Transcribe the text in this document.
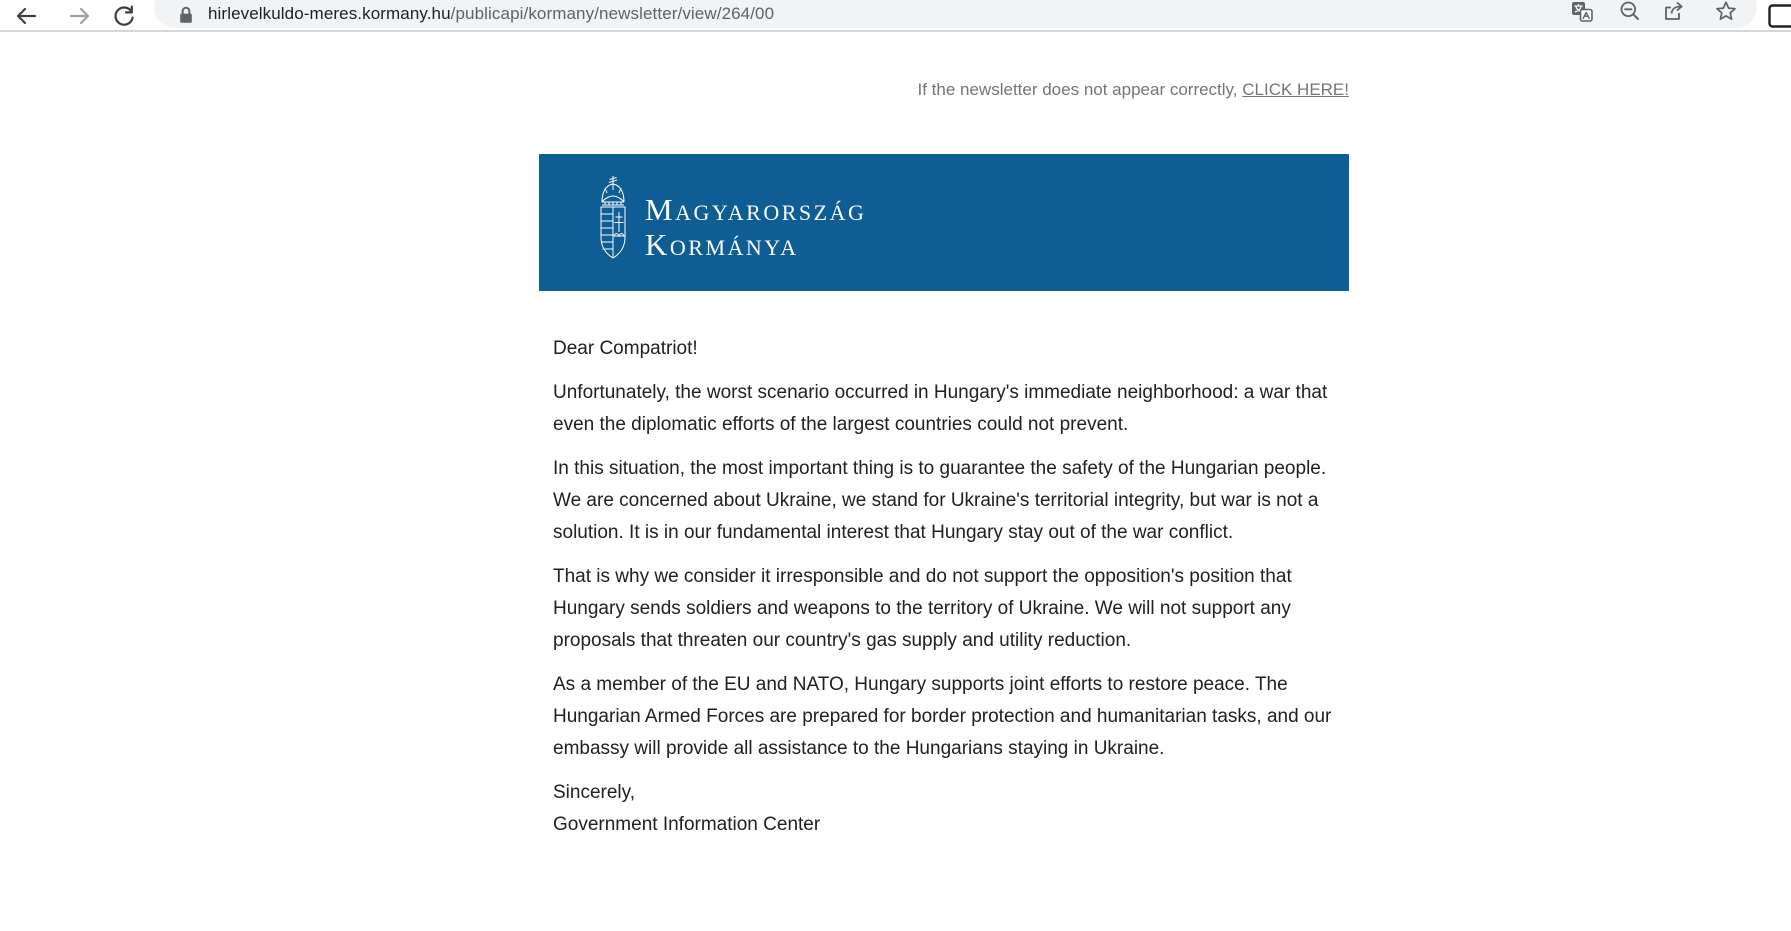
hirlevelkuldo-meres.kormany.hu /publicapi/kormany/newsletter/view/264/00
If the newsletter does not appear correctly, CLICK HERE!
Magyarország
Kormánya

Dear Compatriot!

Unfortunately, the worst scenario occurred in Hungary's immediate neighborhood: a war that even the diplomatic efforts of the largest countries could not prevent.

In this situation, the most important thing is to guarantee the safety of the Hungarian people. We are concerned about Ukraine, we stand for Ukraine's territorial integrity, but war is not a solution. It is in our fundamental interest that Hungary stay out of the war conflict.

That is why we consider it irresponsible and do not support the opposition's position that Hungary sends soldiers and weapons to the territory of Ukraine. We will not support any proposals that threaten our country's gas supply and utility reduction.

As a member of the EU and NATO, Hungary supports joint efforts to restore peace. The Hungarian Armed Forces are prepared for border protection and humanitarian tasks, and our embassy will provide all assistance to the Hungarians staying in Ukraine.

Sincerely,
Government Information Center
